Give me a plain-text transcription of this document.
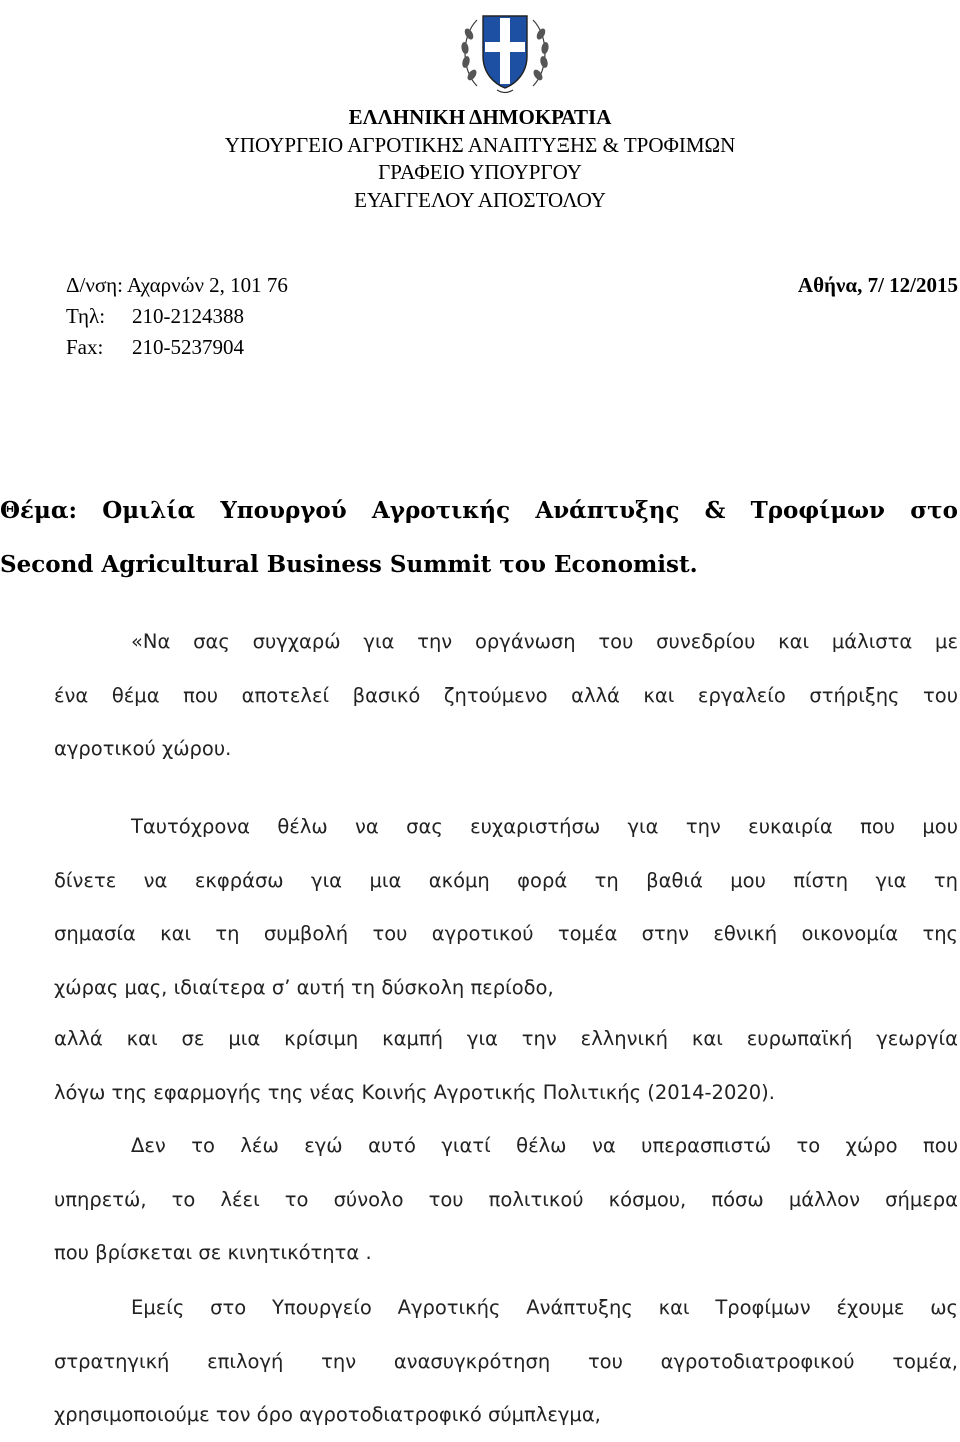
ΕΛΛΗΝΙΚΗ ΔΗΜΟΚΡΑΤΙΑ
ΥΠΟΥΡΓΕΙΟ ΑΓΡΟΤΙΚΗΣ ΑΝΑΠΤΥΞΗΣ & ΤΡΟΦΙΜΩΝ
ΓΡΑΦΕΙΟ ΥΠΟΥΡΓΟΥ
ΕΥΑΓΓΕΛΟΥ ΑΠΟΣΤΟΛΟΥ
Δ/νση: Αχαρνών 2, 101 76
Τηλ: 210-2124388
Fax: 210-5237904
Αθήνα, 7/ 12/2015
Θέμα: Ομιλία Υπουργού Αγροτικής Ανάπτυξης & Τροφίμων στο
Second Agricultural Business Summit του Economist.
«Να σας συγχαρώ για την οργάνωση του συνεδρίου και μάλιστα με
ένα θέμα που αποτελεί βασικό ζητούμενο αλλά και εργαλείο στήριξης του
αγροτικού χώρου.
Ταυτόχρονα θέλω να σας ευχαριστήσω για την ευκαιρία που μου
δίνετε να εκφράσω για μια ακόμη φορά τη βαθιά μου πίστη για τη
σημασία και τη συμβολή του αγροτικού τομέα στην εθνική οικονομία της
χώρας μας, ιδιαίτερα σ’ αυτή τη δύσκολη περίοδο,
αλλά και σε μια κρίσιμη καμπή για την ελληνική και ευρωπαϊκή γεωργία
λόγω της εφαρμογής της νέας Κοινής Αγροτικής Πολιτικής (2014-2020).
Δεν το λέω εγώ αυτό γιατί θέλω να υπερασπιστώ το χώρο που
υπηρετώ, το λέει το σύνολο του πολιτικού κόσμου, πόσω μάλλον σήμερα
που βρίσκεται σε κινητικότητα .
Εμείς στο Υπουργείο Αγροτικής Ανάπτυξης και Τροφίμων έχουμε ως
στρατηγική επιλογή την ανασυγκρότηση του αγροτοδιατροφικού τομέα,
χρησιμοποιούμε τον όρο αγροτοδιατροφικό σύμπλεγμα,
